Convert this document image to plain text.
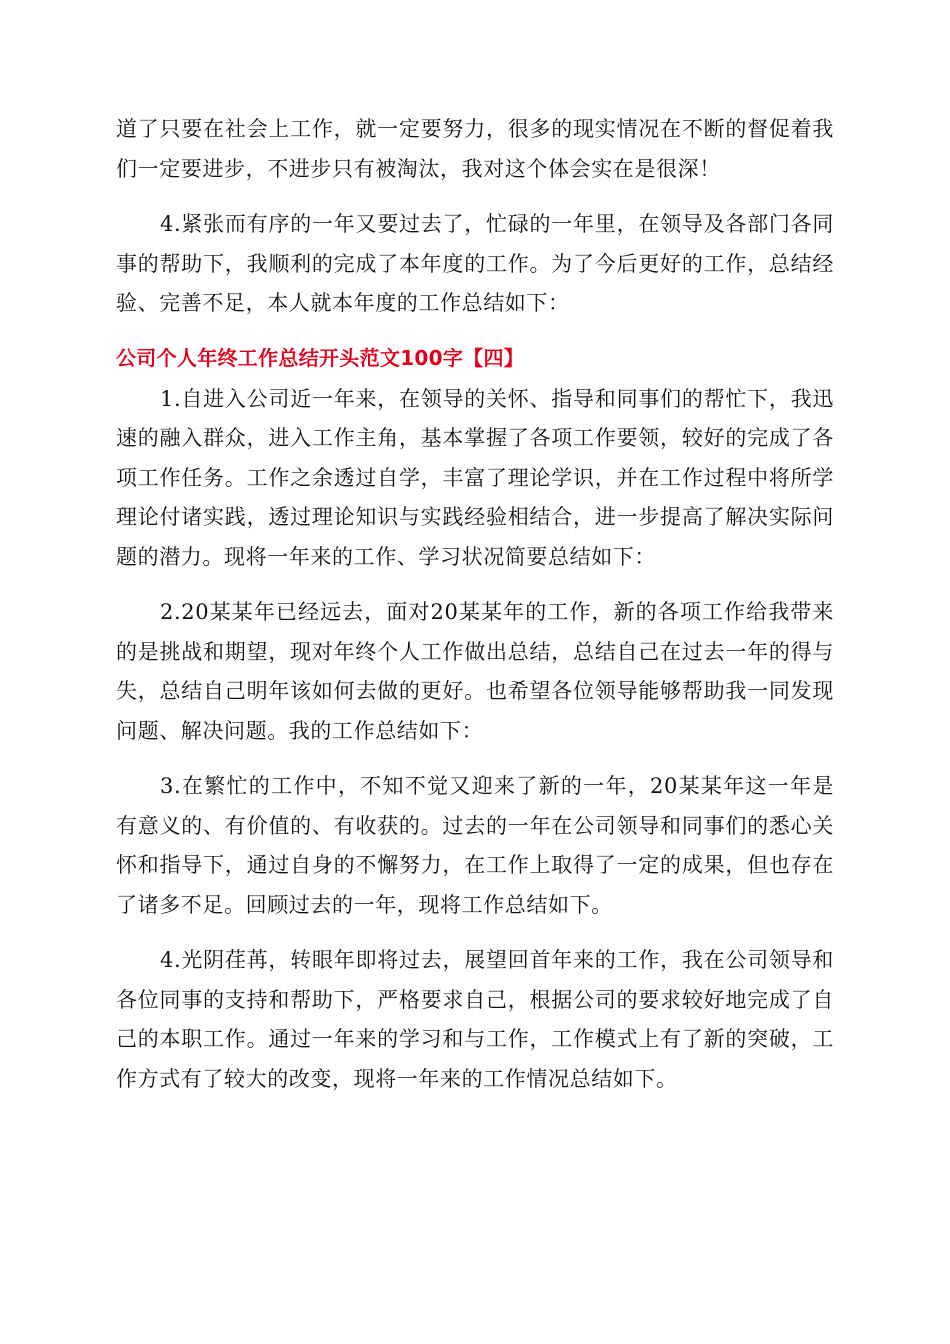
道了只要在社会上工作，就一定要努力，很多的现实情况在不断的督促着我们一定要进步，不进步只有被淘汰，我对这个体会实在是很深！

4.紧张而有序的一年又要过去了，忙碌的一年里，在领导及各部门各同事的帮助下，我顺利的完成了本年度的工作。为了今后更好的工作，总结经验、完善不足，本人就本年度的工作总结如下：

公司个人年终工作总结开头范文100字【四】

1.自进入公司近一年来，在领导的关怀、指导和同事们的帮忙下，我迅速的融入群众，进入工作主角，基本掌握了各项工作要领，较好的完成了各项工作任务。工作之余透过自学，丰富了理论学识，并在工作过程中将所学理论付诸实践，透过理论知识与实践经验相结合，进一步提高了解决实际问题的潜力。现将一年来的工作、学习状况简要总结如下：

2.20某某年已经远去，面对20某某年的工作，新的各项工作给我带来的是挑战和期望，现对年终个人工作做出总结，总结自己在过去一年的得与失，总结自己明年该如何去做的更好。也希望各位领导能够帮助我一同发现问题、解决问题。我的工作总结如下：

3.在繁忙的工作中，不知不觉又迎来了新的一年，20某某年这一年是有意义的、有价值的、有收获的。过去的一年在公司领导和同事们的悉心关怀和指导下，通过自身的不懈努力，在工作上取得了一定的成果，但也存在了诸多不足。回顾过去的一年，现将工作总结如下。

4.光阴荏苒，转眼年即将过去，展望回首年来的工作，我在公司领导和各位同事的支持和帮助下，严格要求自己，根据公司的要求较好地完成了自己的本职工作。通过一年来的学习和与工作，工作模式上有了新的突破，工作方式有了较大的改变，现将一年来的工作情况总结如下。
